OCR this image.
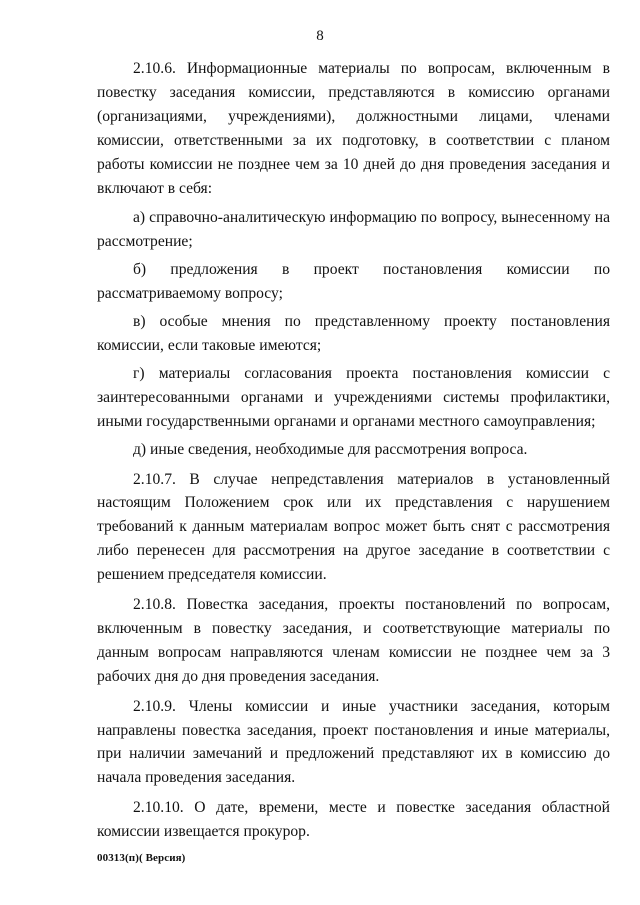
8

2.10.6. Информационные материалы по вопросам, включенным в повестку заседания комиссии, представляются в комиссию органами (организациями, учреждениями), должностными лицами, членами комиссии, ответственными за их подготовку, в соответствии с планом работы комиссии не позднее чем за 10 дней до дня проведения заседания и включают в себя:

а) справочно-аналитическую информацию по вопросу, вынесенному на рассмотрение;

б) предложения в проект постановления комиссии по рассматриваемому вопросу;

в) особые мнения по представленному проекту постановления комиссии, если таковые имеются;

г) материалы согласования проекта постановления комиссии с заинтересованными органами и учреждениями системы профилактики, иными государственными органами и органами местного самоуправления;

д) иные сведения, необходимые для рассмотрения вопроса.

2.10.7. В случае непредставления материалов в установленный настоящим Положением срок или их представления с нарушением требований к данным материалам вопрос может быть снят с рассмотрения либо перенесен для рассмотрения на другое заседание в соответствии с решением председателя комиссии.

2.10.8. Повестка заседания, проекты постановлений по вопросам, включенным в повестку заседания, и соответствующие материалы по данным вопросам направляются членам комиссии не позднее чем за 3 рабочих дня до дня проведения заседания.

2.10.9. Члены комиссии и иные участники заседания, которым направлены повестка заседания, проект постановления и иные материалы, при наличии замечаний и предложений представляют их в комиссию до начала проведения заседания.

2.10.10. О дате, времени, месте и повестке заседания областной комиссии извещается прокурор.

00313(п)( Версия)
